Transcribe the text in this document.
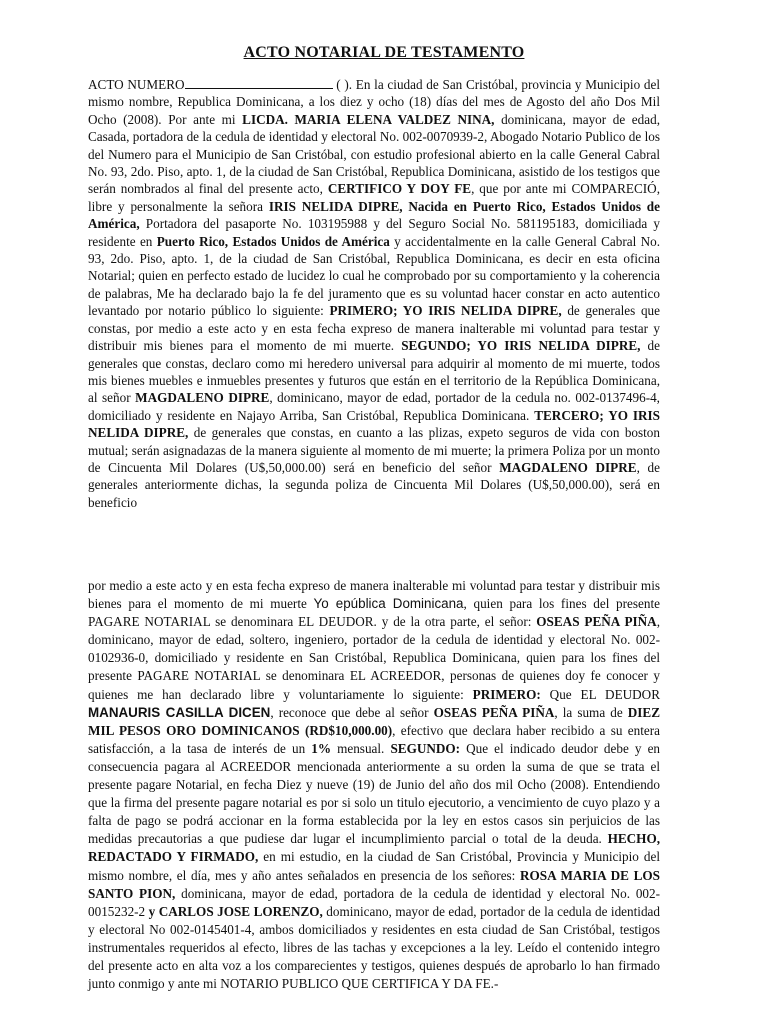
ACTO NOTARIAL DE TESTAMENTO

ACTO NUMERO	( ). En la ciudad de San Cristóbal, provincia y Municipio del mismo nombre, Republica Dominicana, a los diez y ocho (18) días del mes de Agosto del año Dos Mil Ocho (2008). Por ante mi LICDA. MARIA ELENA VALDEZ NINA, dominicana, mayor de edad, Casada, portadora de la cedula de identidad y electoral No. 002-0070939-2, Abogado Notario Publico de los del Numero para el Municipio de San Cristóbal, con estudio profesional abierto en la calle General Cabral No. 93, 2do. Piso, apto. 1, de la ciudad de San Cristóbal, Republica Dominicana, asistido de los testigos que serán nombrados al final del presente acto, CERTIFICO Y DOY FE, que por ante mi COMPARECIÓ, libre y personalmente la señora IRIS NELIDA DIPRE, Nacida en Puerto Rico, Estados Unidos de América, Portadora del pasaporte No. 103195988 y del Seguro Social No. 581195183, domiciliada y residente en Puerto Rico, Estados Unidos de América y accidentalmente en la calle General Cabral No. 93, 2do. Piso, apto. 1, de la ciudad de San Cristóbal, Republica Dominicana, es decir en esta oficina Notarial; quien en perfecto estado de lucidez lo cual he comprobado por su comportamiento y la coherencia de palabras, Me ha declarado bajo la fe del juramento que es su voluntad hacer constar en acto autentico levantado por notario público lo siguiente: PRIMERO; YO IRIS NELIDA DIPRE, de generales que constas, por medio a este acto y en esta fecha expreso de manera inalterable mi voluntad para testar y distribuir mis bienes para el momento de mi muerte. SEGUNDO; YO IRIS NELIDA DIPRE, de generales que constas, declaro como mi heredero universal para adquirir al momento de mi muerte, todos mis bienes muebles e inmuebles presentes y futuros que están en el territorio de la República Dominicana, al señor MAGDALENO DIPRE, dominicano, mayor de edad, portador de la cedula no. 002-0137496-4, domiciliado y residente en Najayo Arriba, San Cristóbal, Republica Dominicana. TERCERO; YO IRIS NELIDA DIPRE, de generales que constas, en cuanto a las plizas, expeto seguros de vida con boston mutual; serán asignadazas de la manera siguiente al momento de mi muerte; la primera Poliza por un monto de Cincuenta Mil Dolares (U$,50,000.00) será en beneficio del señor MAGDALENO DIPRE, de generales anteriormente dichas, la segunda poliza de Cincuenta Mil Dolares (U$,50,000.00), será en beneficio

por medio a este acto y en esta fecha expreso de manera inalterable mi voluntad para testar y distribuir mis bienes para el momento de mi muerte Yo epública Dominicana, quien para los fines del presente PAGARE NOTARIAL se denominara EL DEUDOR. y de la otra parte, el señor: OSEAS PEÑA PIÑA, dominicano, mayor de edad, soltero, ingeniero, portador de la cedula de identidad y electoral No. 002-0102936-0, domiciliado y residente en San Cristóbal, Republica Dominicana, quien para los fines del presente PAGARE NOTARIAL se denominara EL ACREEDOR, personas de quienes doy fe conocer y quienes me han declarado libre y voluntariamente lo siguiente: PRIMERO: Que EL DEUDOR MANAURIS CASILLA DICEN, reconoce que debe al señor OSEAS PEÑA PIÑA, la suma de DIEZ MIL PESOS ORO DOMINICANOS (RD$10,000.00), efectivo que declara haber recibido a su entera satisfacción, a la tasa de interés de un 1% mensual. SEGUNDO: Que el indicado deudor debe y en consecuencia pagara al ACREEDOR mencionada anteriormente a su orden la suma de que se trata el presente pagare Notarial, en fecha Diez y nueve (19) de Junio del año dos mil Ocho (2008). Entendiendo que la firma del presente pagare notarial es por si solo un titulo ejecutorio, a vencimiento de cuyo plazo y a falta de pago se podrá accionar en la forma establecida por la ley en estos casos sin perjuicios de las medidas precautorias a que pudiese dar lugar el incumplimiento parcial o total de la deuda. HECHO, REDACTADO Y FIRMADO, en mi estudio, en la ciudad de San Cristóbal, Provincia y Municipio del mismo nombre, el día, mes y año antes señalados en presencia de los señores: ROSA MARIA DE LOS SANTO PION, dominicana, mayor de edad, portadora de la cedula de identidad y electoral No. 002-0015232-2 y CARLOS JOSE LORENZO, dominicano, mayor de edad, portador de la cedula de identidad y electoral No 002-0145401-4, ambos domiciliados y residentes en esta ciudad de San Cristóbal, testigos instrumentales requeridos al efecto, libres de las tachas y excepciones a la ley. Leído el contenido integro del presente acto en alta voz a los comparecientes y testigos, quienes después de aprobarlo lo han firmado junto conmigo y ante mi NOTARIO PUBLICO QUE CERTIFICA Y DA FE.-
